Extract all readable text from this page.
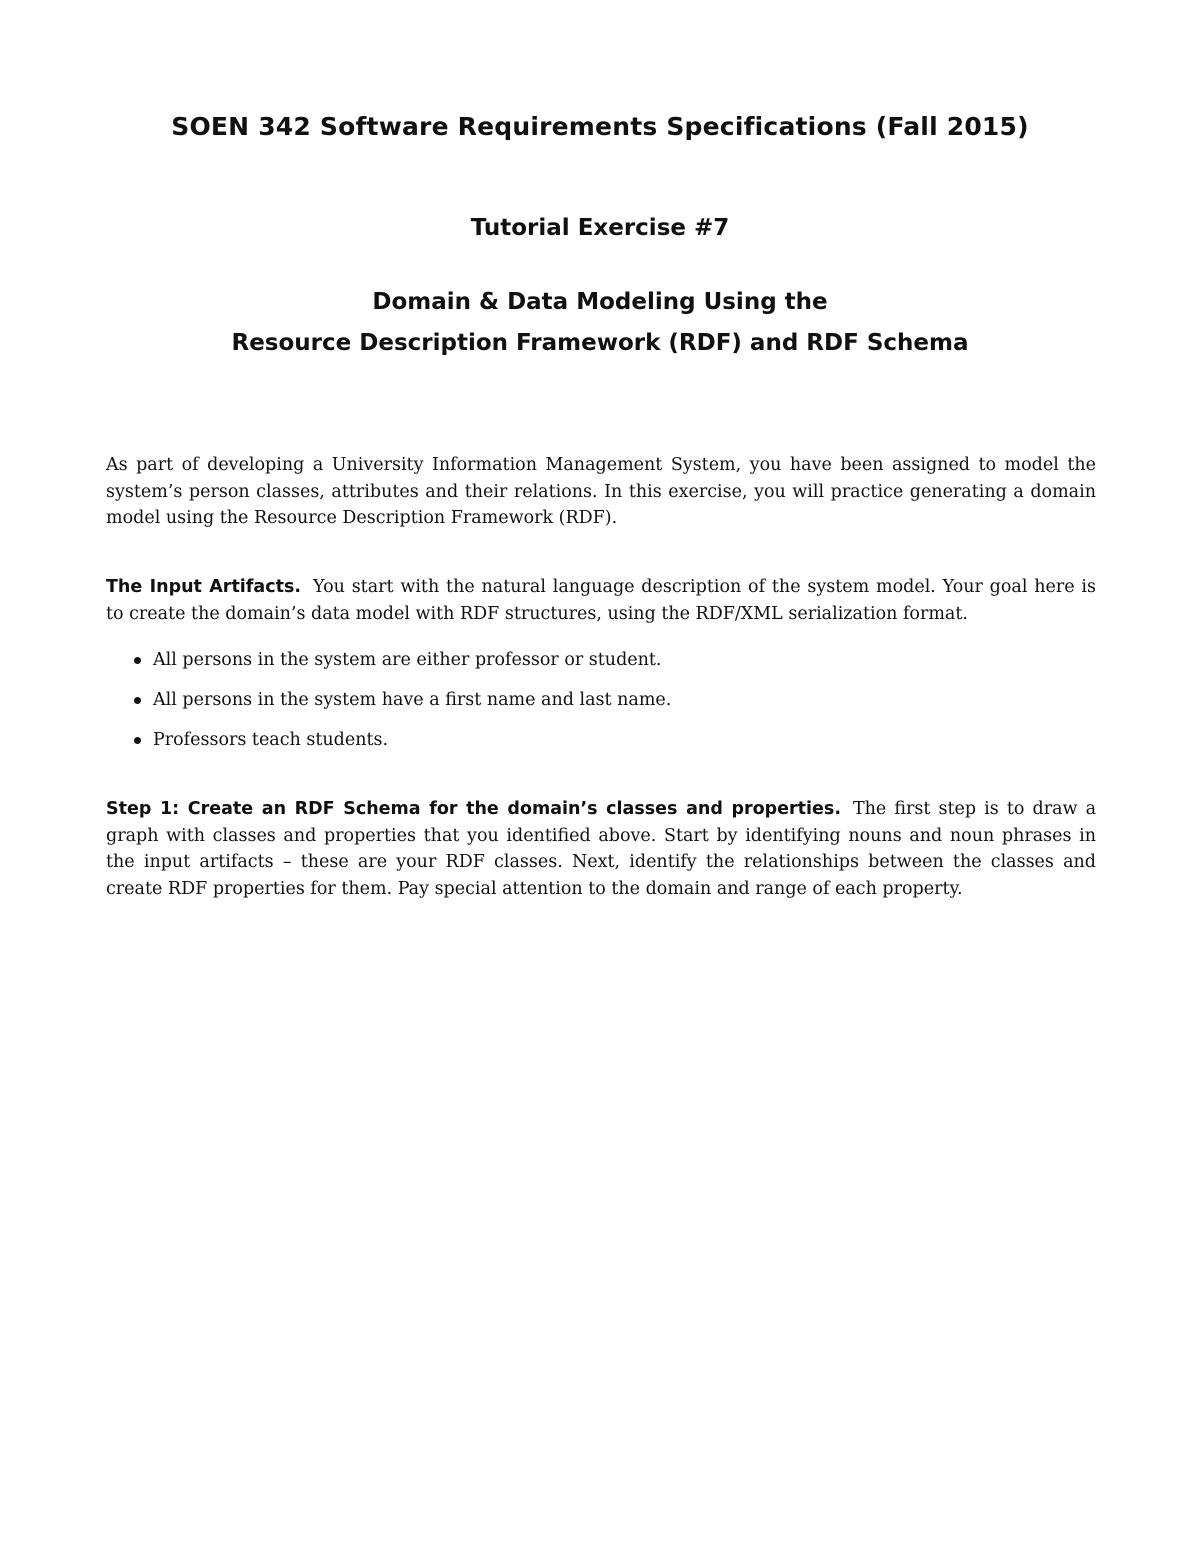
SOEN 342 Software Requirements Specifications (Fall 2015)
Tutorial Exercise #7
Domain & Data Modeling Using the
Resource Description Framework (RDF) and RDF Schema

As part of developing a University Information Management System, you have been assigned to model the system’s person classes, attributes and their relations. In this exercise, you will practice generating a domain model using the Resource Description Framework (RDF).

The Input Artifacts. You start with the natural language description of the system model. Your goal here is to create the domain’s data model with RDF structures, using the RDF/XML serialization format.

All persons in the system are either professor or student.
All persons in the system have a first name and last name.
Professors teach students.

Step 1: Create an RDF Schema for the domain’s classes and properties. The first step is to draw a graph with classes and properties that you identified above. Start by identifying nouns and noun phrases in the input artifacts – these are your RDF classes. Next, identify the relationships between the classes and create RDF properties for them. Pay special attention to the domain and range of each property.
